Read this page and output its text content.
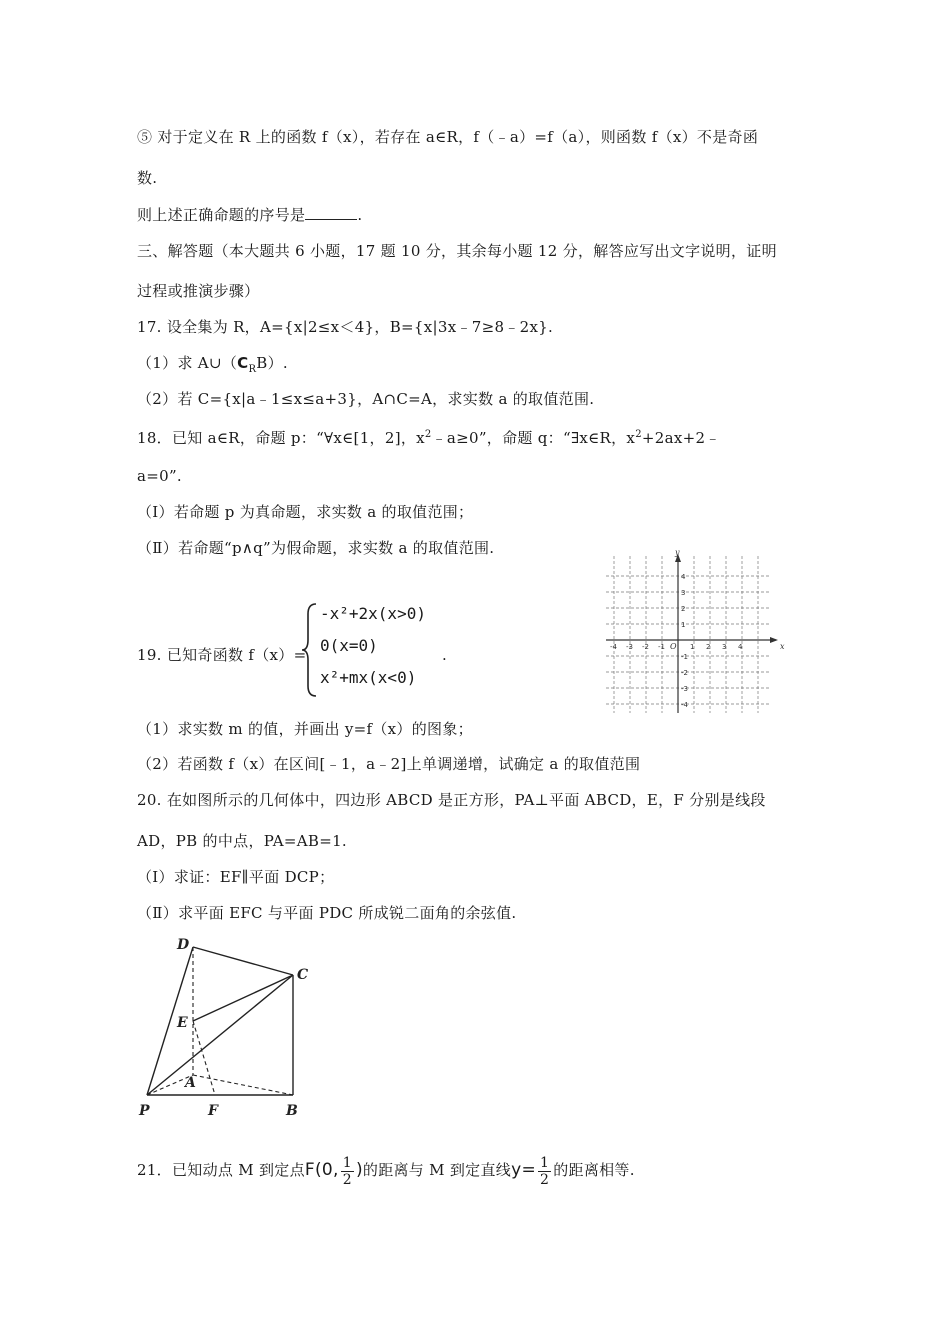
⑤ 对于定义在 R 上的函数 f（x），若存在 a∈R，f（﹣a）=f（a），则函数 f（x）不是奇函
数.
则上述正确命题的序号是	.
三、解答题（本大题共 6 小题，17 题 10 分，其余每小题 12 分，解答应写出文字说明，证明
过程或推演步骤）
17. 设全集为 R，A={x|2≤x＜4}，B={x|3x﹣7≥8﹣2x}.
（1）求 $A\cup(C_RB)$.
（2）若 C={x|a﹣1≤x≤a+3}，A∩C=A，求实数 a 的取值范围.
18．已知 a∈R，命题 p：“∀x∈[1，2]，$x^2﹣a\ge 0$”，命题 q：“∃x∈R，$x^2+2ax+2﹣$
a=0”.
（Ⅰ）若命题 p 为真命题，求实数 a 的取值范围；
（Ⅱ）若命题“p∧q”为假命题，求实数 a 的取值范围.
19. 已知奇函数 f（x）=
-x²+2x(x>0)
0(x=0)
x²+mx(x<0)
.	x
y
O
-4 -3 -2 -1	1 2 3 4
4
3
2
1
-1
-2
-3
-4
（1）求实数 m 的值，并画出 y=f（x）的图象；
（2）若函数 f（x）在区间[﹣1，a﹣2]上单调递增，试确定 a 的取值范围
20. 在如图所示的几何体中，四边形 ABCD 是正方形，PA⊥平面 ABCD，E，F 分别是线段
AD，PB 的中点，PA=AB=1.
（Ⅰ）求证：EF∥平面 DCP；
（Ⅱ）求平面 EFC 与平面 PDC 所成锐二面角的余弦值.
D
C
E
A
P	F	B
21．已知动点 M 到定点F(0, $\frac{1}{2}$ )的距离与 M 到定直线$y= \frac{1}{2}$ 的距离相等.
